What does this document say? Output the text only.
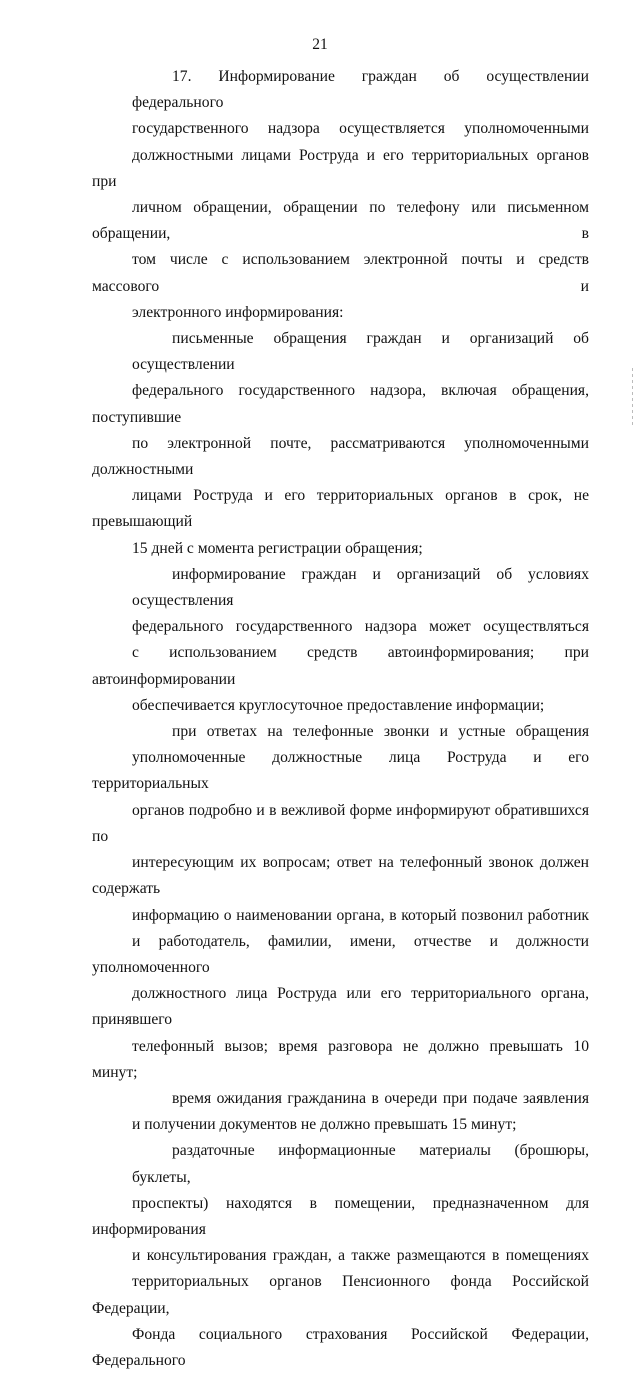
21

17. Информирование граждан об осуществлении федерального
государственного надзора осуществляется уполномоченными
должностными лицами Роструда и его территориальных органов при
личном обращении, обращении по телефону или письменном обращении, в
том числе с использованием электронной почты и средств массового и
электронного информирования:

письменные обращения граждан и организаций об осуществлении
федерального государственного надзора, включая обращения, поступившие
по электронной почте, рассматриваются уполномоченными должностными
лицами Роструда и его территориальных органов в срок, не превышающий
15 дней с момента регистрации обращения;

информирование граждан и организаций об условиях осуществления
федерального государственного надзора может осуществляться
с использованием средств автоинформирования; при автоинформировании
обеспечивается круглосуточное предоставление информации;

при ответах на телефонные звонки и устные обращения
уполномоченные должностные лица Роструда и его территориальных
органов подробно и в вежливой форме информируют обратившихся по
интересующим их вопросам; ответ на телефонный звонок должен содержать
информацию о наименовании органа, в который позвонил работник
и работодатель, фамилии, имени, отчестве и должности уполномоченного
должностного лица Роструда или его территориального органа, принявшего
телефонный вызов; время разговора не должно превышать 10 минут;

время ожидания гражданина в очереди при подаче заявления
и получении документов не должно превышать 15 минут;

раздаточные информационные материалы (брошюры, буклеты,
проспекты) находятся в помещении, предназначенном для информирования
и консультирования граждан, а также размещаются в помещениях
территориальных органов Пенсионного фонда Российской Федерации,
Фонда социального страхования Российской Федерации, Федерального
